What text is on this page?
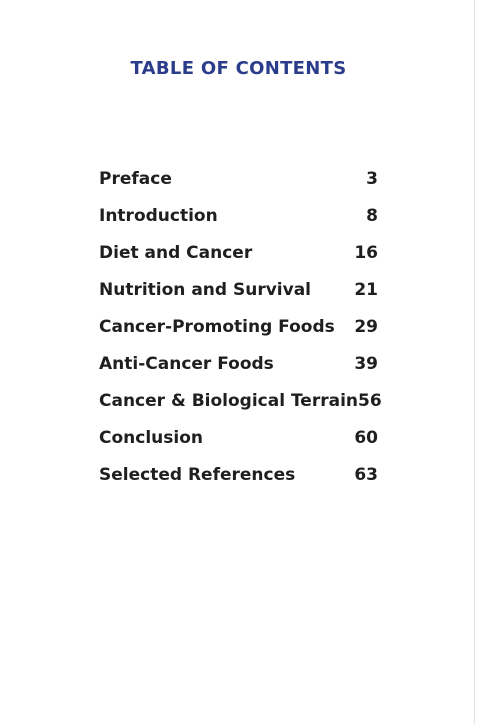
TABLE OF CONTENTS
Preface	3
Introduction	8
Diet and Cancer	16
Nutrition and Survival	21
Cancer-Promoting Foods 29
Anti-Cancer Foods	39
Cancer & Biological Terrain 56
Conclusion	60
Selected References	63
